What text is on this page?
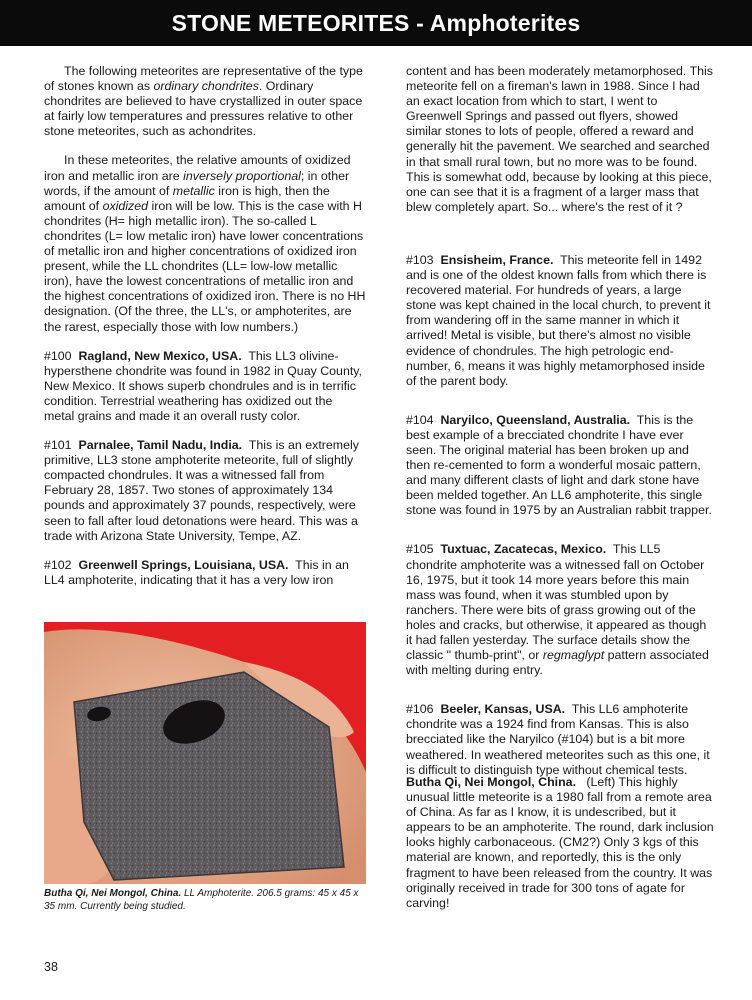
STONE METEORITES - Amphoterites

The following meteorites are representative of the type of stones known as ordinary chondrites. Ordinary chondrites are believed to have crystallized in outer space at fairly low temperatures and pressures relative to other stone meteorites, such as achondrites.

In these meteorites, the relative amounts of oxidized iron and metallic iron are inversely proportional; in other words, if the amount of metallic iron is high, then the amount of oxidized iron will be low. This is the case with H chondrites (H= high metallic iron). The so-called L chondrites (L= low metalic iron) have lower concentrations of metallic iron and higher concentrations of oxidized iron present, while the LL chondrites (LL= low-low metallic iron), have the lowest concentrations of metallic iron and the highest concentrations of oxidized iron. There is no HH designation. (Of the three, the LL's, or amphoterites, are the rarest, especially those with low numbers.)

#100 Ragland, New Mexico, USA. This LL3 olivine-hypersthene chondrite was found in 1982 in Quay County, New Mexico. It shows superb chondrules and is in terrific condition. Terrestrial weathering has oxidized out the metal grains and made it an overall rusty color.

#101 Parnalee, Tamil Nadu, India. This is an extremely primitive, LL3 stone amphoterite meteorite, full of slightly compacted chondrules. It was a witnessed fall from February 28, 1857. Two stones of approximately 134 pounds and approximately 37 pounds, respectively, were seen to fall after loud detonations were heard. This was a trade with Arizona State University, Tempe, AZ.

#102 Greenwell Springs, Louisiana, USA. This in an LL4 amphoterite, indicating that it has a very low iron

Butha Qi, Nei Mongol, China. LL Amphoterite. 206.5 grams: 45 x 45 x 35 mm. Currently being studied.

content and has been moderately metamorphosed. This meteorite fell on a fireman's lawn in 1988. Since I had an exact location from which to start, I went to Greenwell Springs and passed out flyers, showed similar stones to lots of people, offered a reward and generally hit the pavement. We searched and searched in that small rural town, but no more was to be found. This is somewhat odd, because by looking at this piece, one can see that it is a fragment of a larger mass that blew completely apart. So... where's the rest of it ?

#103 Ensisheim, France. This meteorite fell in 1492 and is one of the oldest known falls from which there is recovered material. For hundreds of years, a large stone was kept chained in the local church, to prevent it from wandering off in the same manner in which it arrived! Metal is visible, but there's almost no visible evidence of chondrules. The high petrologic end-number, 6, means it was highly metamorphosed inside of the parent body.

#104 Naryilco, Queensland, Australia. This is the best example of a brecciated chondrite I have ever seen. The original material has been broken up and then re-cemented to form a wonderful mosaic pattern, and many different clasts of light and dark stone have been melded together. An LL6 amphoterite, this single stone was found in 1975 by an Australian rabbit trapper.

#105 Tuxtuac, Zacatecas, Mexico. This LL5 chondrite amphoterite was a witnessed fall on October 16, 1975, but it took 14 more years before this main mass was found, when it was stumbled upon by ranchers. There were bits of grass growing out of the holes and cracks, but otherwise, it appeared as though it had fallen yesterday. The surface details show the classic " thumb-print", or regmaglypt pattern associated with melting during entry.

#106 Beeler, Kansas, USA. This LL6 amphoterite chondrite was a 1924 find from Kansas. This is also brecciated like the Naryilco (#104) but is a bit more weathered. In weathered meteorites such as this one, it is difficult to distinguish type without chemical tests.

Butha Qi, Nei Mongol, China. (Left) This highly unusual little meteorite is a 1980 fall from a remote area of China. As far as I know, it is undescribed, but it appears to be an amphoterite. The round, dark inclusion looks highly carbonaceous. (CM2?) Only 3 kgs of this material are known, and reportedly, this is the only fragment to have been released from the country. It was originally received in trade for 300 tons of agate for carving!

38
